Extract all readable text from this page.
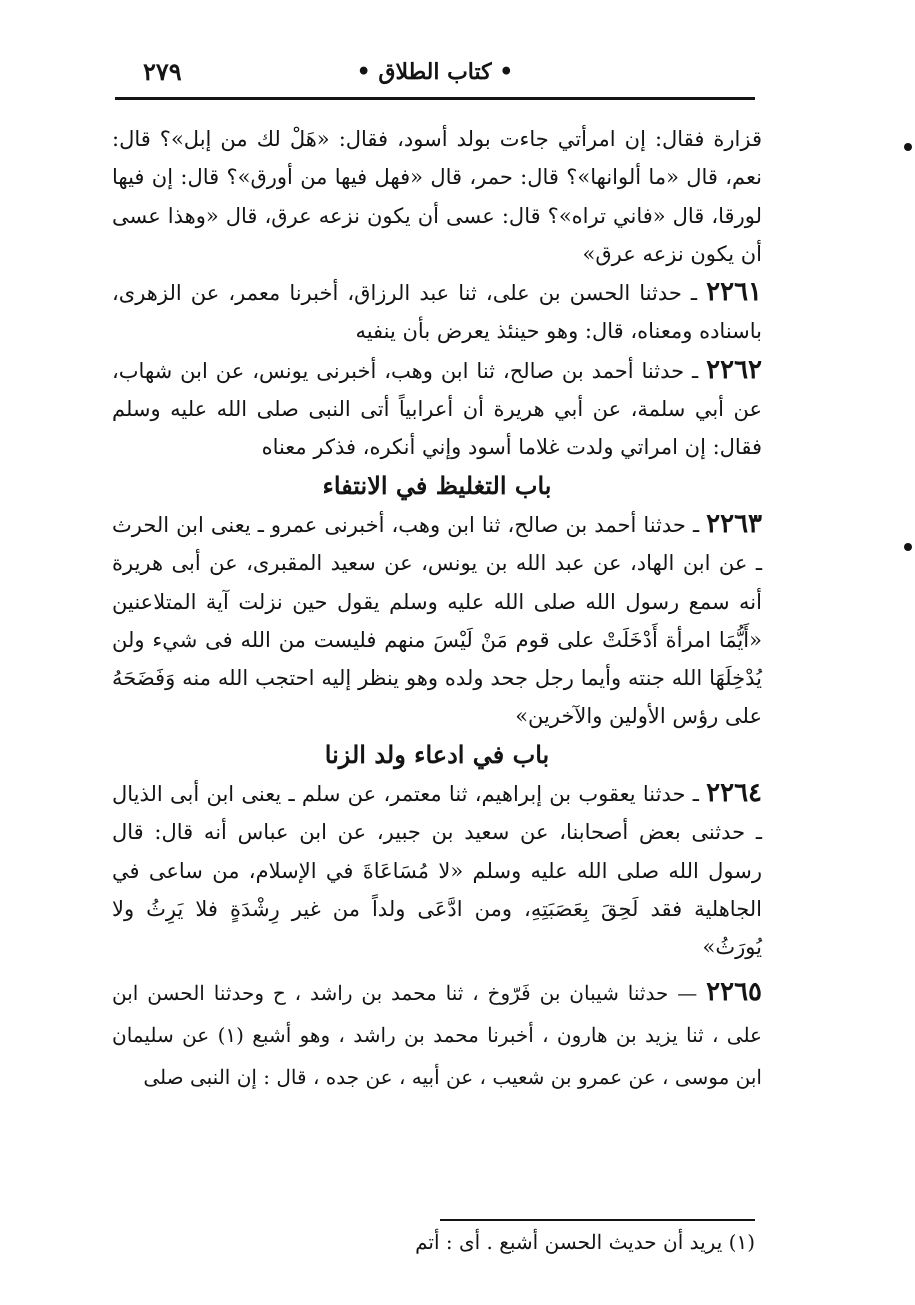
• كتاب الطلاق •
٢٧٩

قزارة فقال: إن امرأتي جاءت بولد أسود، فقال: «هَلْ لك من إبل»؟ قال: نعم، قال «ما ألوانها»؟ قال: حمر، قال «فهل فيها من أورق»؟ قال: إن فيها لورقا، قال «فاني تراه»؟ قال: عسى أن يكون نزعه عرق، قال «وهذا عسى أن يكون نزعه عرق»

٢٢٦١ ـ حدثنا الحسن بن على، ثنا عبد الرزاق، أخبرنا معمر، عن الزهرى، باسناده ومعناه، قال: وهو حينئذ يعرض بأن ينفيه

٢٢٦٢ ـ حدثنا أحمد بن صالح، ثنا ابن وهب، أخبرنى يونس، عن ابن شهاب، عن أبي سلمة، عن أبي هريرة أن أعرابياً أتى النبى صلى الله عليه وسلم فقال: إن امراتي ولدت غلاما أسود وإني أنكره، فذكر معناه

باب التغليظ في الانتفاء

٢٢٦٣ ـ حدثنا أحمد بن صالح، ثنا ابن وهب، أخبرنى عمرو ـ يعنى ابن الحرث ـ عن ابن الهاد، عن عبد الله بن يونس، عن سعيد المقبرى، عن أبى هريرة أنه سمع رسول الله صلى الله عليه وسلم يقول حين نزلت آية المتلاعنين «أَيُّمَا امرأة أَدْخَلَتْ على قوم مَنْ لَيْسَ منهم فليست من الله فى شيء ولن يُدْخِلَهَا الله جنته وأيما رجل جحد ولده وهو ينظر إليه احتجب الله منه وَفَضَحَهُ على رؤس الأولين والآخرين»

باب في ادعاء ولد الزنا

٢٢٦٤ ـ حدثنا يعقوب بن إبراهيم، ثنا معتمر، عن سلم ـ يعنى ابن أبى الذيال ـ حدثنى بعض أصحابنا، عن سعيد بن جبير، عن ابن عباس أنه قال: قال رسول الله صلى الله عليه وسلم «لا مُسَاعَاةَ في الإسلام، من ساعى في الجاهلية فقد لَحِقَ بِعَصَبَتِهِ، ومن ادَّعَى ولداً من غير رِشْدَةٍ فلا يَرِثُ ولا يُورَثُ»

٢٢٦٥ — حدثنا شيبان بن فَرّوخ ، ثنا محمد بن راشد ، ح وحدثنا الحسن ابن على ، ثنا يزيد بن هارون ، أخبرنا محمد بن راشد ، وهو أشبع (١) عن سليمان ابن موسى ، عن عمرو بن شعيب ، عن أبيه ، عن جده ، قال : إن النبى صلى

(١) يريد أن حديث الحسن أشبع . أى : أتم
